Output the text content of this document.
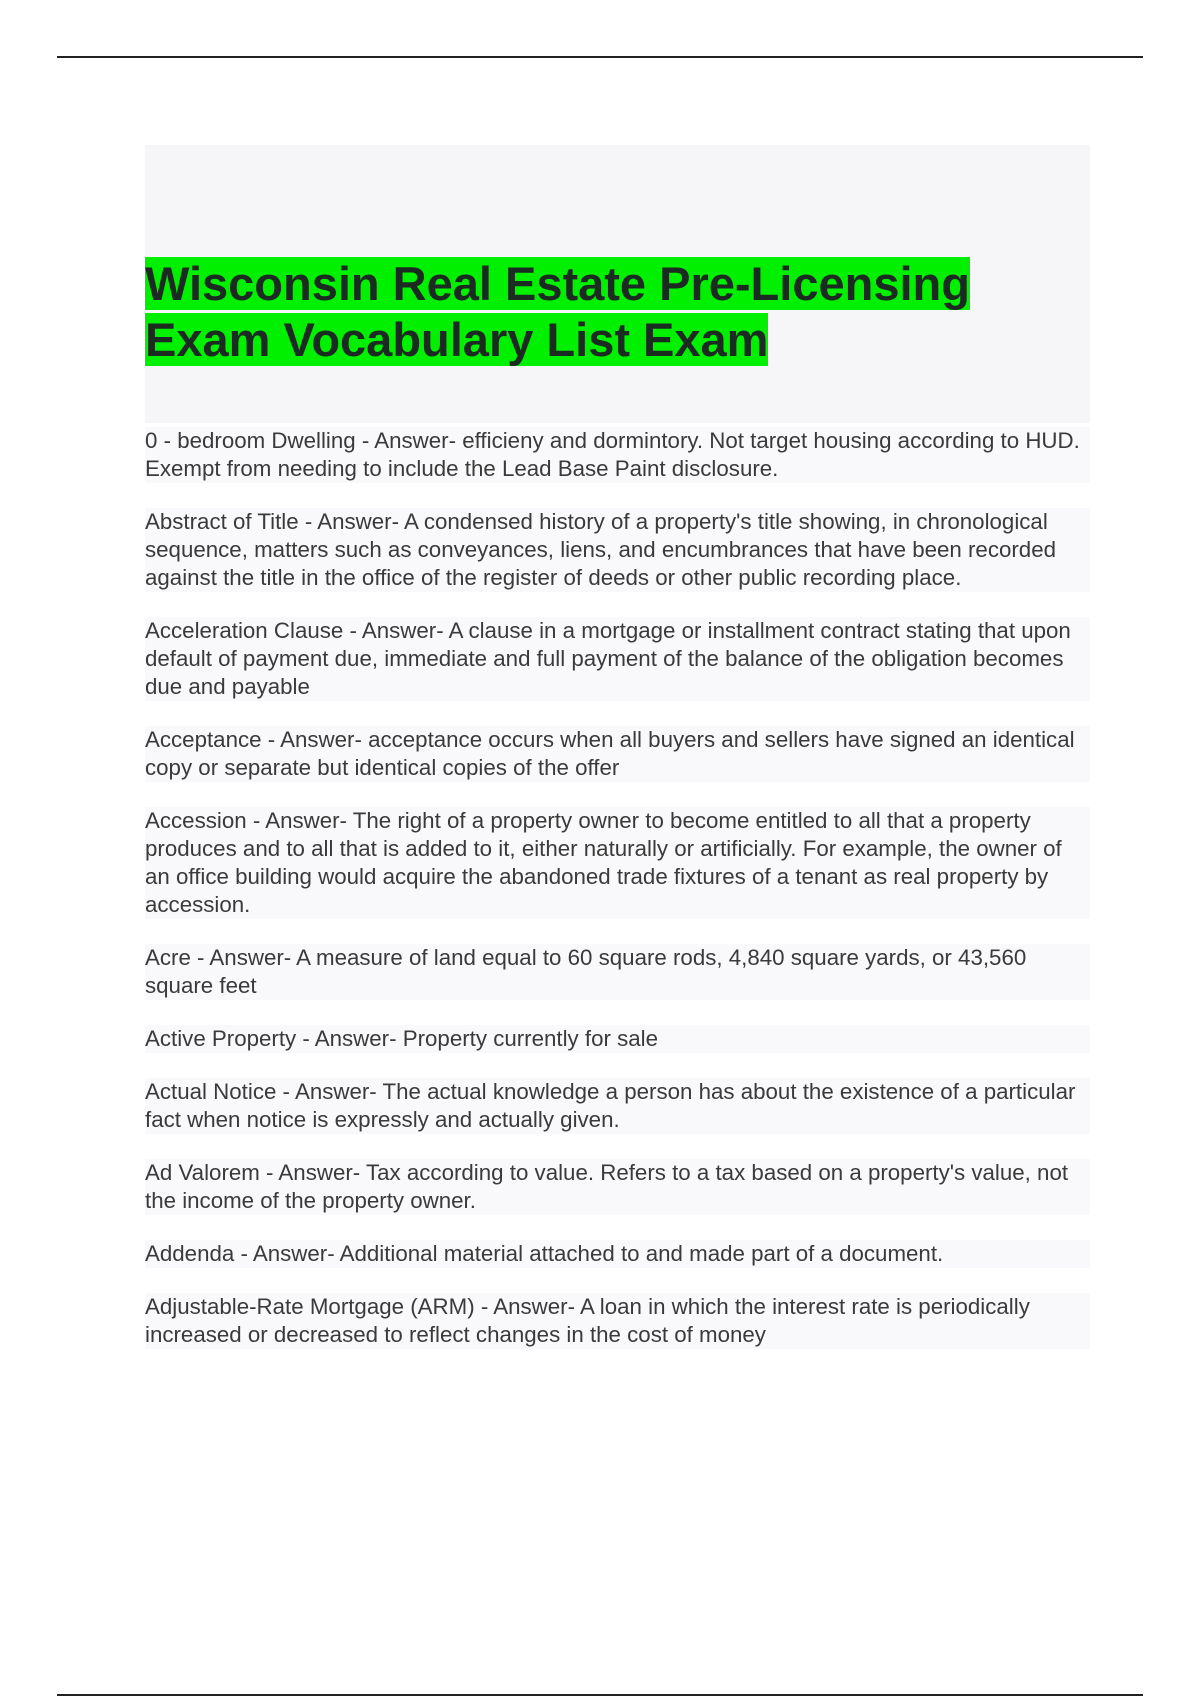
Wisconsin Real Estate Pre-Licensing
Exam Vocabulary List Exam

0 - bedroom Dwelling - Answer- efficieny and dormintory. Not target housing according to HUD. Exempt from needing to include the Lead Base Paint disclosure.

Abstract of Title - Answer- A condensed history of a property's title showing, in chronological sequence, matters such as conveyances, liens, and encumbrances that have been recorded against the title in the office of the register of deeds or other public recording place.

Acceleration Clause - Answer- A clause in a mortgage or installment contract stating that upon default of payment due, immediate and full payment of the balance of the obligation becomes due and payable

Acceptance - Answer- acceptance occurs when all buyers and sellers have signed an identical copy or separate but identical copies of the offer

Accession - Answer- The right of a property owner to become entitled to all that a property produces and to all that is added to it, either naturally or artificially. For example, the owner of an office building would acquire the abandoned trade fixtures of a tenant as real property by accession.

Acre - Answer- A measure of land equal to 60 square rods, 4,840 square yards, or 43,560 square feet

Active Property - Answer- Property currently for sale

Actual Notice - Answer- The actual knowledge a person has about the existence of a particular fact when notice is expressly and actually given.

Ad Valorem - Answer- Tax according to value. Refers to a tax based on a property's value, not the income of the property owner.

Addenda - Answer- Additional material attached to and made part of a document.

Adjustable-Rate Mortgage (ARM) - Answer- A loan in which the interest rate is periodically increased or decreased to reflect changes in the cost of money
